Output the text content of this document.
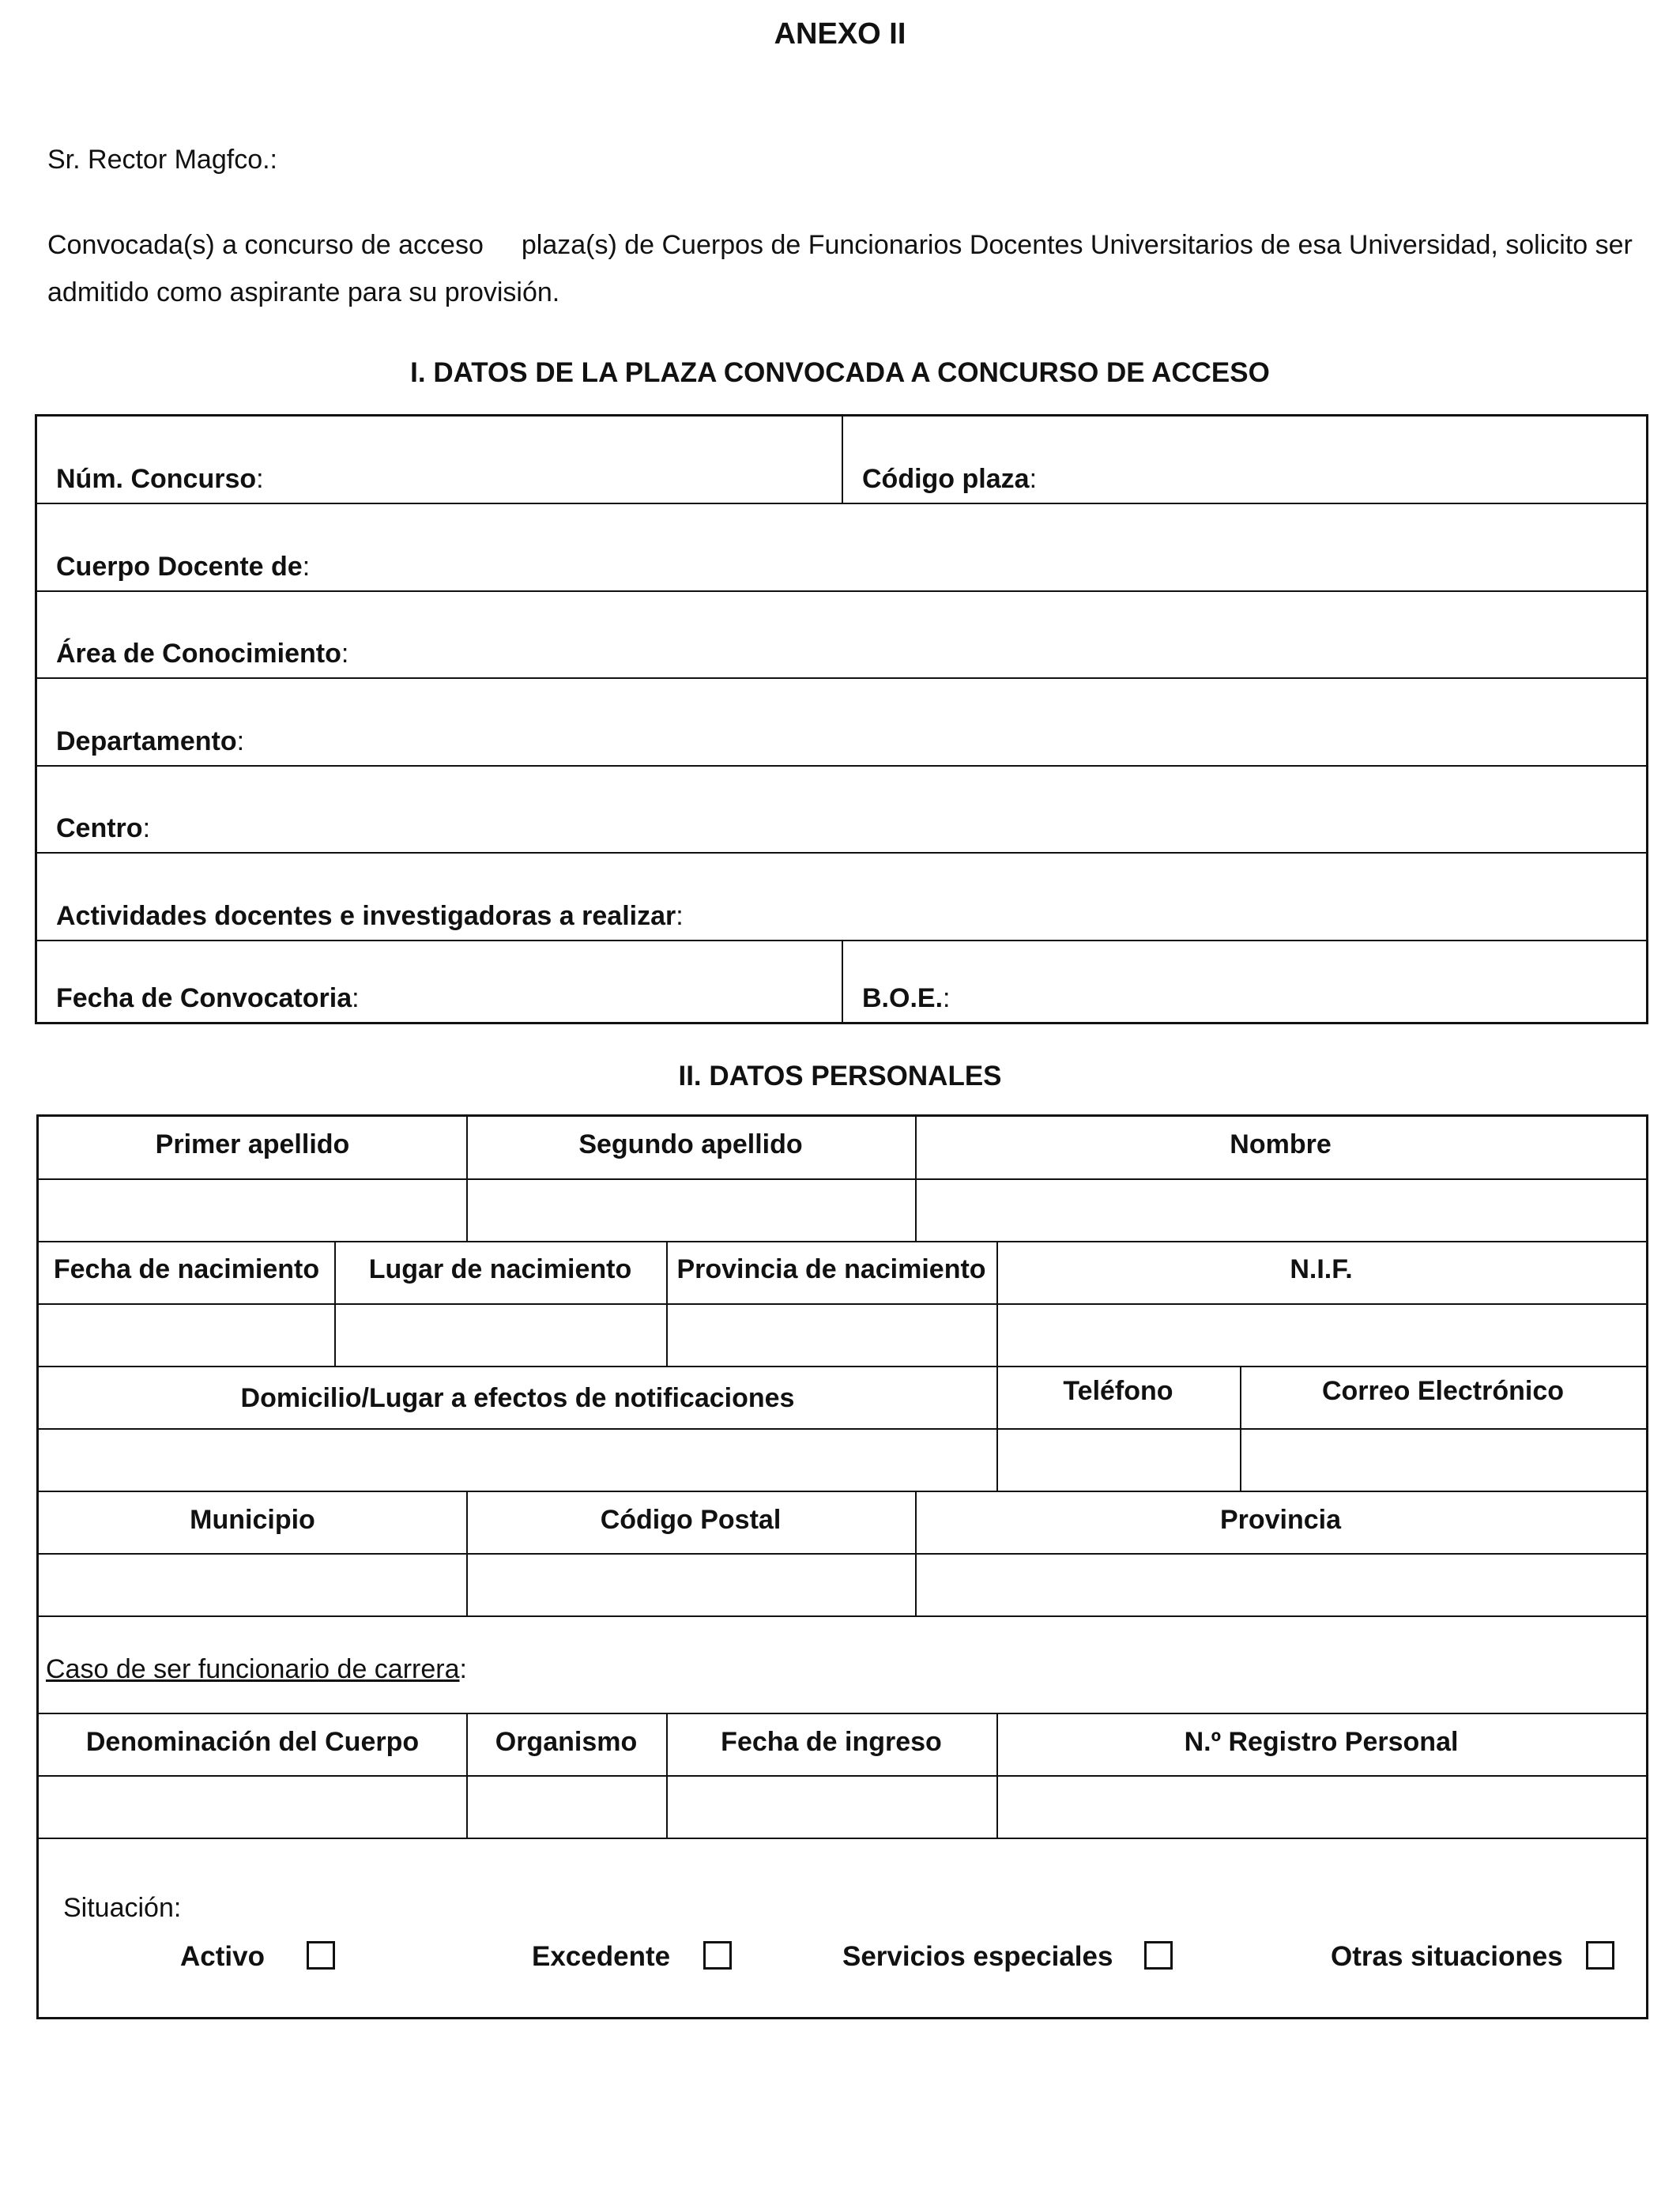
ANEXO II
Sr. Rector Magfco.:
Convocada(s) a concurso de acceso plaza(s) de Cuerpos de Funcionarios Docentes Universitarios de esa Universidad, solicito ser admitido como aspirante para su provisión.
I. DATOS DE LA PLAZA CONVOCADA A CONCURSO DE ACCESO
Núm. Concurso:	Código plaza:
Cuerpo Docente de:
Área de Conocimiento:
Departamento:
Centro:
Actividades docentes e investigadoras a realizar:
Fecha de Convocatoria:	B.O.E.:
II. DATOS PERSONALES
Primer apellido	Segundo apellido	Nombre
Fecha de nacimiento	Lugar de nacimiento	Provincia de nacimiento	N.I.F.
Domicilio/Lugar a efectos de notificaciones	Teléfono	Correo Electrónico
Municipio	Código Postal	Provincia
Caso de ser funcionario de carrera:
Denominación del Cuerpo	Organismo	Fecha de ingreso	N.º Registro Personal
Situación:
Activo	Excedente	Servicios especiales	Otras situaciones
